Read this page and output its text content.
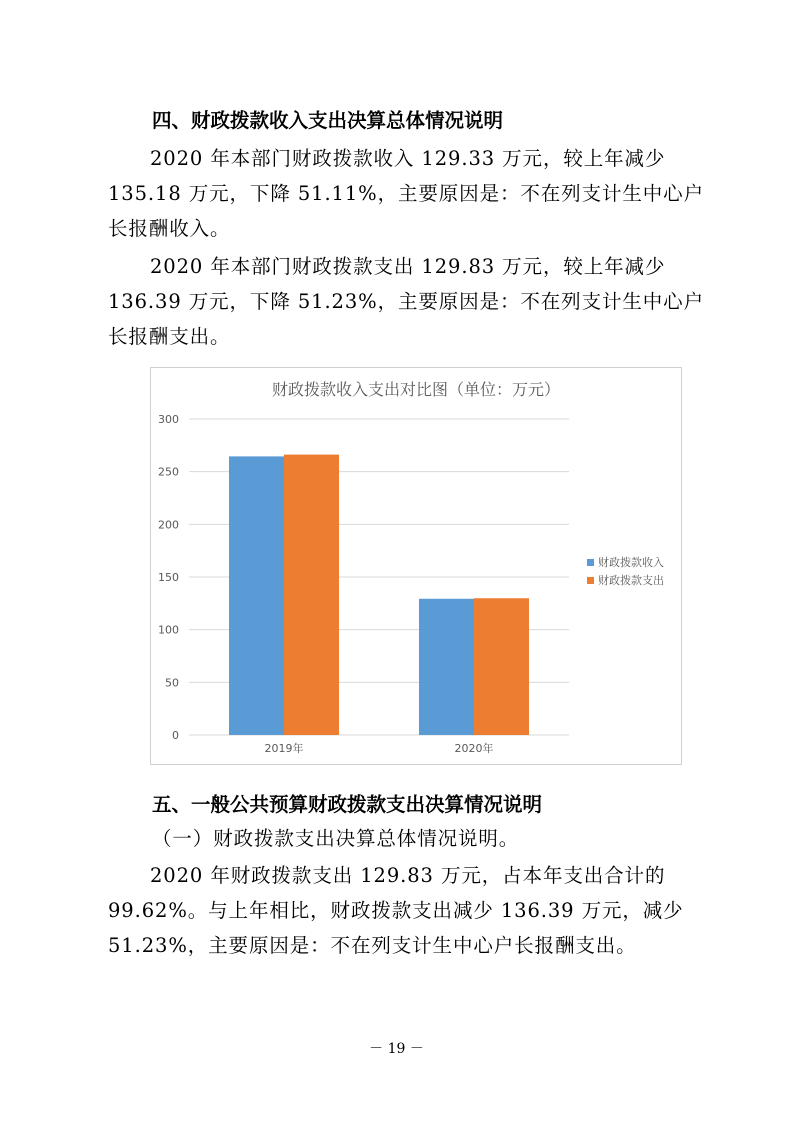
四、财政拨款收入支出决算总体情况说明

2020 年本部门财政拨款收入 129.33 万元，较上年减少 135.18 万元，下降 51.11%，主要原因是：不在列支计生中心户长报酬收入。

2020 年本部门财政拨款支出 129.83 万元，较上年减少 136.39 万元，下降 51.23%，主要原因是：不在列支计生中心户长报酬支出。

财政拨款收入支出对比图（单位：万元）
0
50
100
150
200
250
300
2019年	2020年
财政拨款收入
财政拨款支出
五、一般公共预算财政拨款支出决算情况说明

（一）财政拨款支出决算总体情况说明。

2020 年财政拨款支出 129.83 万元，占本年支出合计的 99.62%。与上年相比，财政拨款支出减少 136.39 万元，减少 51.23%，主要原因是：不在列支计生中心户长报酬支出。

－ 19 －
